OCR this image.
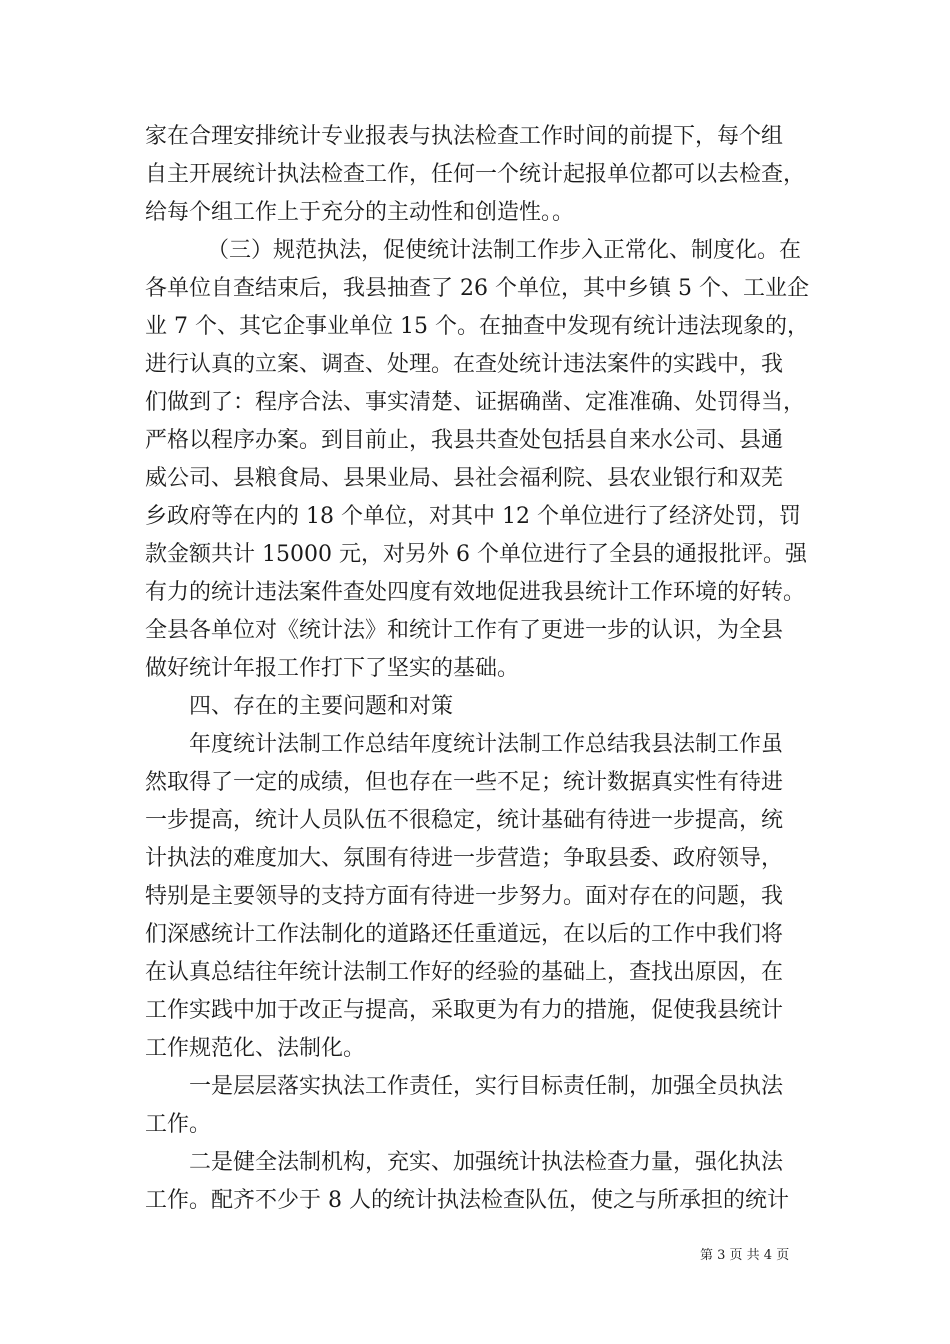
家在合理安排统计专业报表与执法检查工作时间的前提下，每个组
自主开展统计执法检查工作，任何一个统计起报单位都可以去检查，
给每个组工作上于充分的主动性和创造性。。
（三）规范执法，促使统计法制工作步入正常化、制度化。在
各单位自查结束后，我县抽查了 26 个单位，其中乡镇 5 个、工业企
业 7 个、其它企事业单位 15 个。在抽查中发现有统计违法现象的，
进行认真的立案、调查、处理。在查处统计违法案件的实践中，我
们做到了：程序合法、事实清楚、证据确凿、定准准确、处罚得当，
严格以程序办案。到目前止，我县共查处包括县自来水公司、县通
威公司、县粮食局、县果业局、县社会福利院、县农业银行和双芜
乡政府等在内的 18 个单位，对其中 12 个单位进行了经济处罚，罚
款金额共计 15000 元，对另外 6 个单位进行了全县的通报批评。强
有力的统计违法案件查处四度有效地促进我县统计工作环境的好转。
全县各单位对《统计法》和统计工作有了更进一步的认识，为全县
做好统计年报工作打下了坚实的基础。
四、存在的主要问题和对策
年度统计法制工作总结年度统计法制工作总结我县法制工作虽
然取得了一定的成绩，但也存在一些不足；统计数据真实性有待进
一步提高，统计人员队伍不很稳定，统计基础有待进一步提高，统
计执法的难度加大、氛围有待进一步营造；争取县委、政府领导，
特别是主要领导的支持方面有待进一步努力。面对存在的问题，我
们深感统计工作法制化的道路还任重道远，在以后的工作中我们将
在认真总结往年统计法制工作好的经验的基础上，查找出原因，在
工作实践中加于改正与提高，采取更为有力的措施，促使我县统计
工作规范化、法制化。
一是层层落实执法工作责任，实行目标责任制，加强全员执法
工作。
二是健全法制机构，充实、加强统计执法检查力量，强化执法
工作。配齐不少于 8 人的统计执法检查队伍，使之与所承担的统计
第 3 页 共 4 页
